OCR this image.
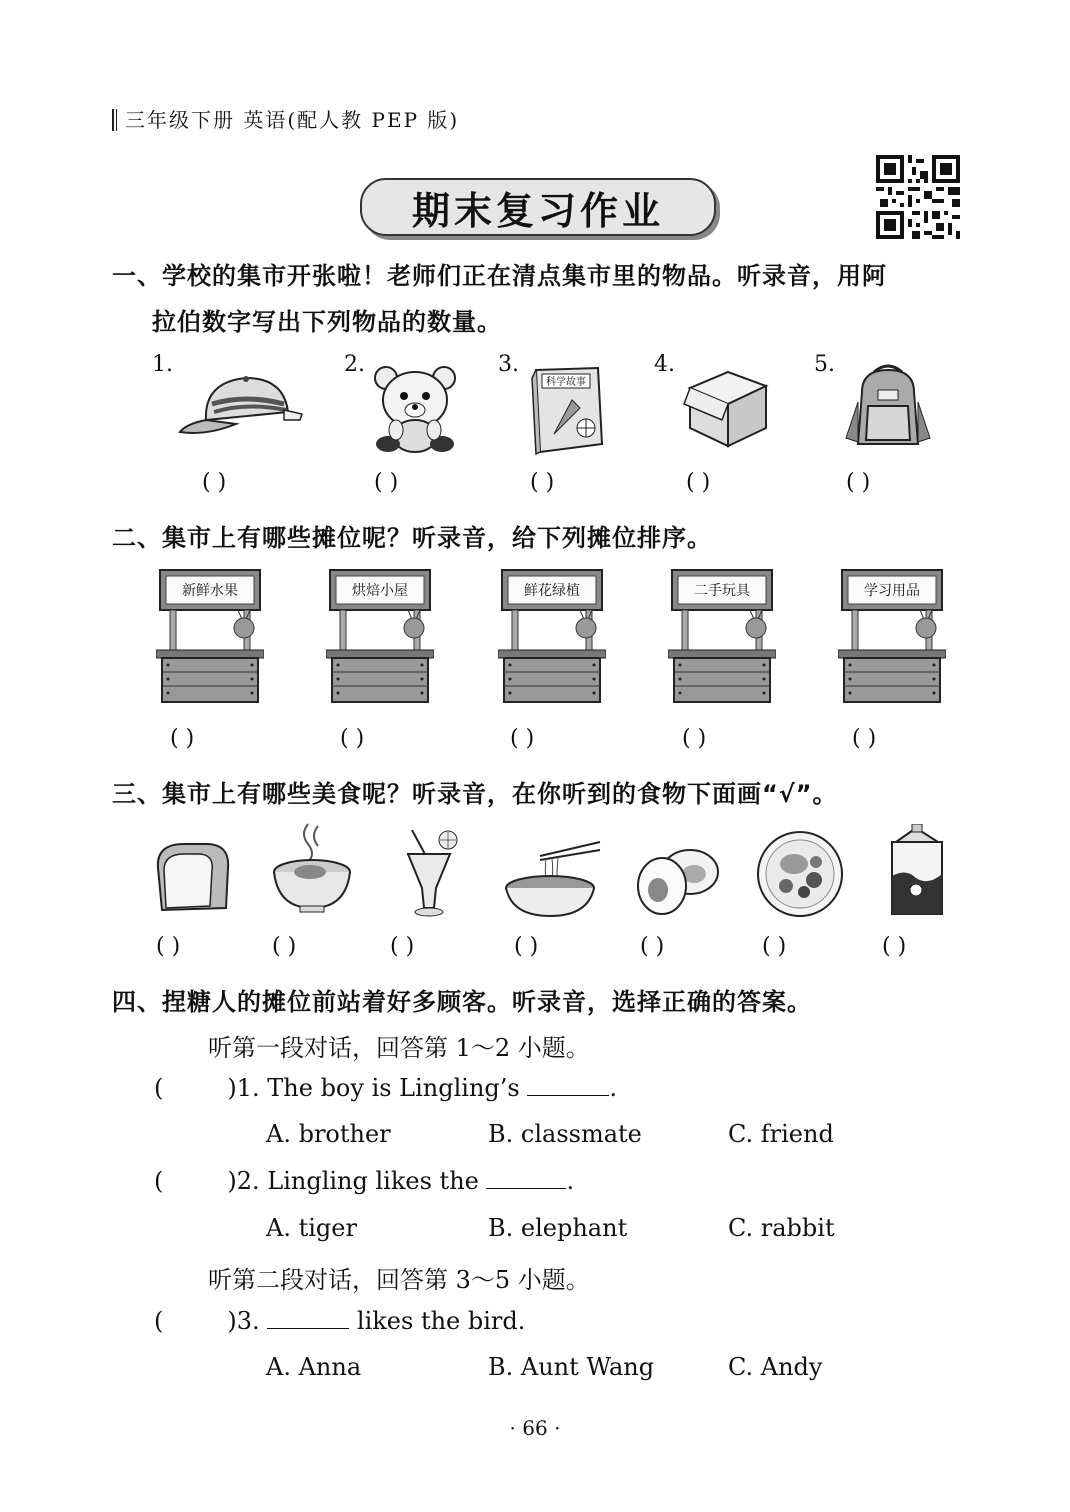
三年级下册 英语(配人教 PEP 版)
期末复习作业
一、学校的集市开张啦！老师们正在清点集市里的物品。听录音，用阿
拉伯数字写出下列物品的数量。
1.	2.	3.	4.	5.
科学故事
( )	( )	( )	( )	( )
二、集市上有哪些摊位呢？听录音，给下列摊位排序。
新鲜水果	烘焙小屋	鲜花绿植	二手玩具	学习用品
( )	( )	( )	( )	( )
三、集市上有哪些美食呢？听录音，在你听到的食物下面画“√”。
( )	( )	( )	( )	( )	( )	( )
四、捏糖人的摊位前站着好多顾客。听录音，选择正确的答案。
听第一段对话，回答第 1～2 小题。
(	)1. The boy is Lingling’s	.
A. brother	B. classmate	C. friend
(	)2. Lingling likes the	.
A. tiger	B. elephant	C. rabbit
听第二段对话，回答第 3～5 小题。
(	)3.	likes the bird.
A. Anna	B. Aunt Wang	C. Andy
· 66 ·
